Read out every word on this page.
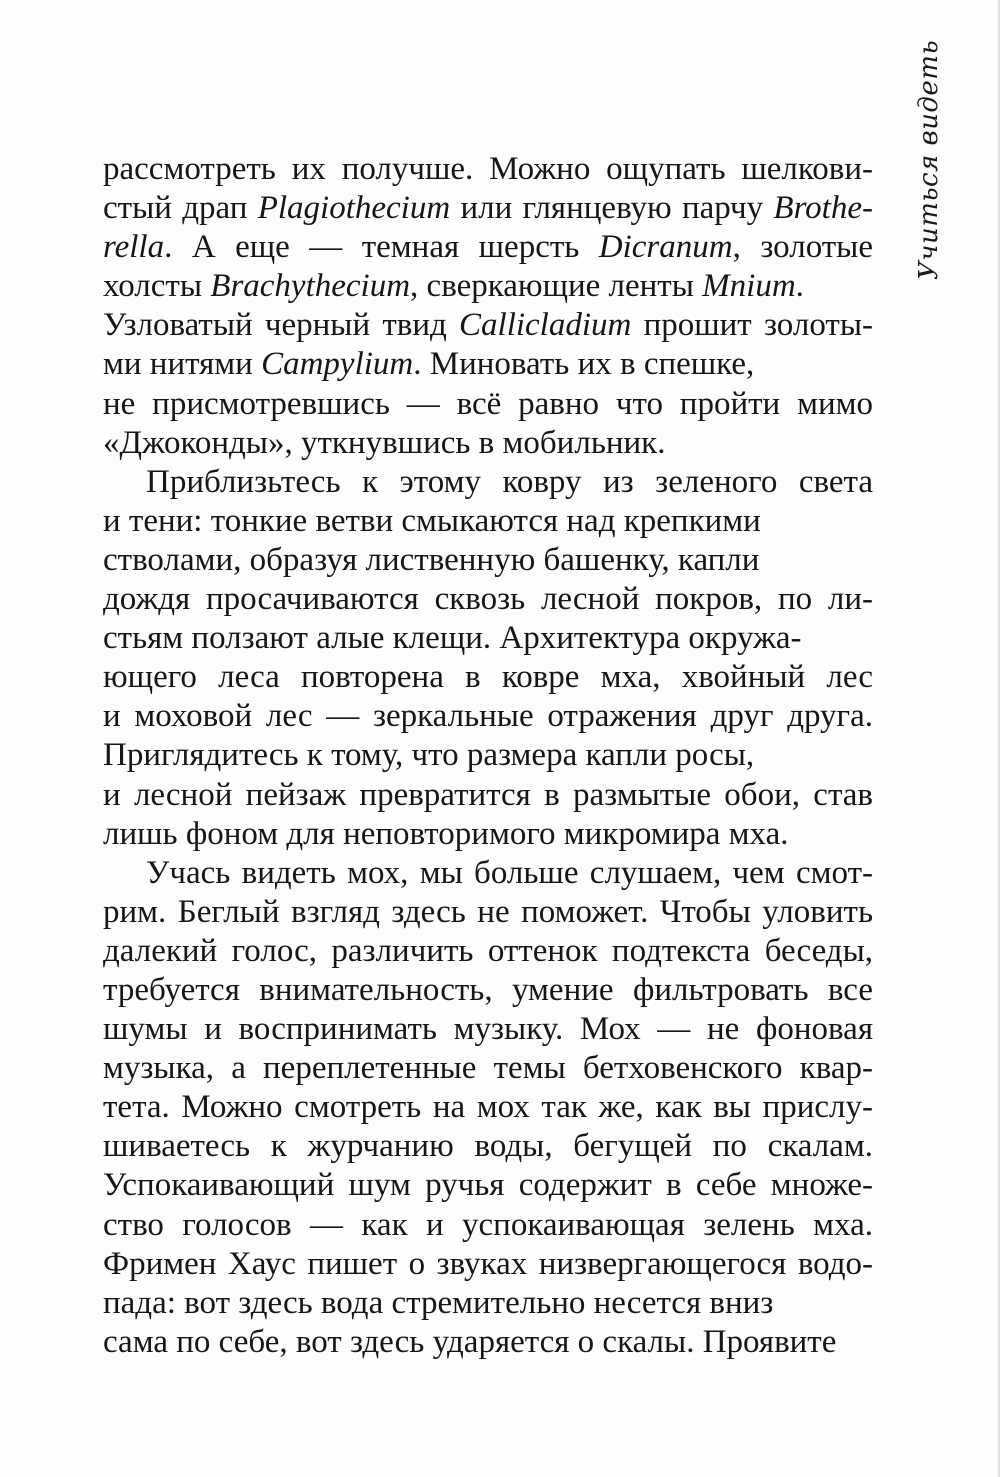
Учиться видеть
рассмотреть их получше. Можно ощупать шелкови-
стый драп Plagiothecium или глянцевую парчу Brothe-
rella. А еще — темная шерсть Dicranum, золотые
холсты Brachythecium, сверкающие ленты Mnium.
Узловатый черный твид Callicladium прошит золоты-
ми нитями Campylium. Миновать их в спешке,
не присмотревшись — всё равно что пройти мимо
«Джоконды», уткнувшись в мобильник.
Приблизьтесь к этому ковру из зеленого света
и тени: тонкие ветви смыкаются над крепкими
стволами, образуя лиственную башенку, капли
дождя просачиваются сквозь лесной покров, по ли-
стьям ползают алые клещи. Архитектура окружа-
ющего леса повторена в ковре мха, хвойный лес
и моховой лес — зеркальные отражения друг друга.
Приглядитесь к тому, что размера капли росы,
и лесной пейзаж превратится в размытые обои, став
лишь фоном для неповторимого микромира мха.
Учась видеть мох, мы больше слушаем, чем смот-
рим. Беглый взгляд здесь не поможет. Чтобы уловить
далекий голос, различить оттенок подтекста беседы,
требуется внимательность, умение фильтровать все
шумы и воспринимать музыку. Мох — не фоновая
музыка, а переплетенные темы бетховенского квар-
тета. Можно смотреть на мох так же, как вы прислу-
шиваетесь к журчанию воды, бегущей по скалам.
Успокаивающий шум ручья содержит в себе множе-
ство голосов — как и успокаивающая зелень мха.
Фримен Хаус пишет о звуках низвергающегося водо-
пада: вот здесь вода стремительно несется вниз
сама по себе, вот здесь ударяется о скалы. Проявите
